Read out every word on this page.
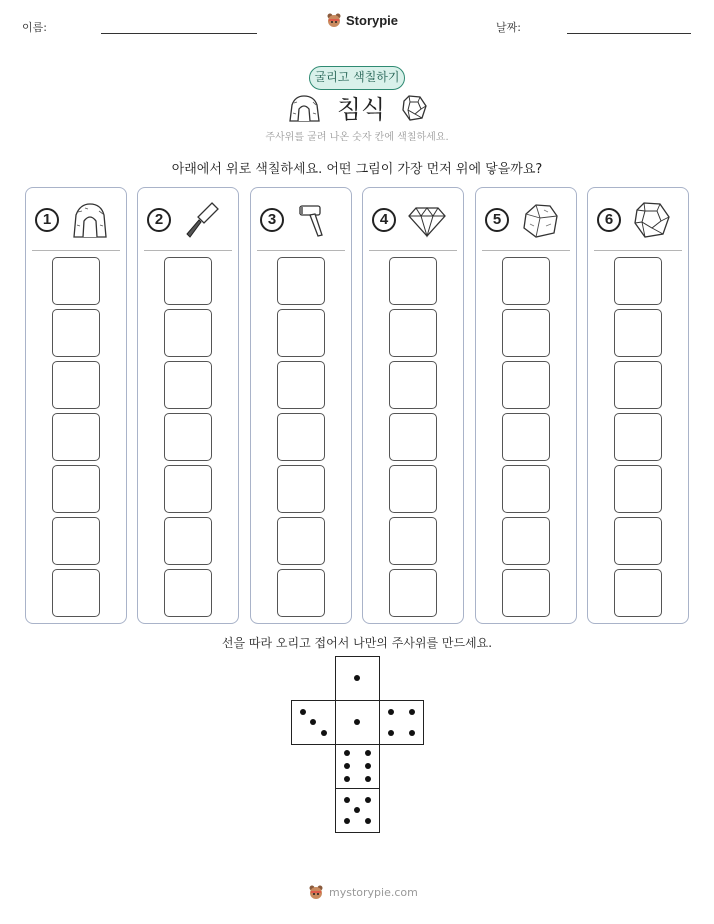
이름:	Storypie	날짜:
굴리고 색칠하기
침식
주사위를 굴려 나온 숫자 칸에 색칠하세요.
아래에서 위로 색칠하세요. 어떤 그림이 가장 먼저 위에 닿을까요?
1	2	3	4	5	6
선을 따라 오리고 접어서 나만의 주사위를 만드세요.
mystorypie.com
